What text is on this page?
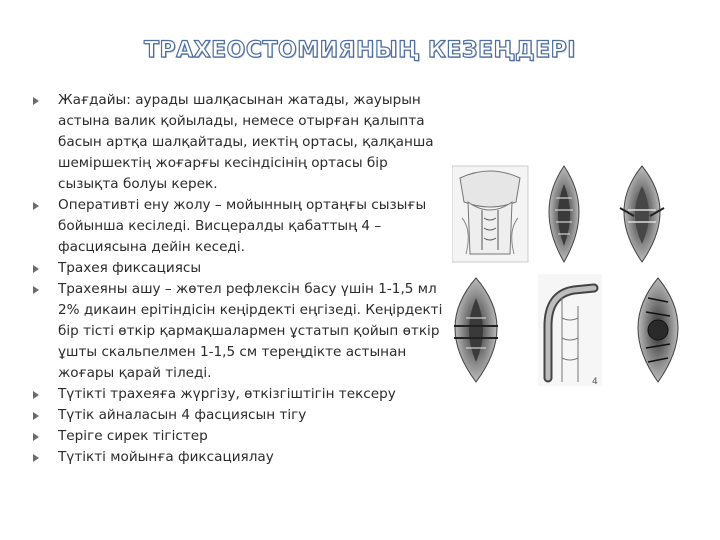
ТРАХЕОСТОМИЯНЫҢ КЕЗЕҢДЕРІ
Жағдайы: аурады шалқасынан жатады, жауырын астына валик қойылады, немесе отырған қалыпта басын артқа шалқайтады, иектің ортасы, қалқанша шеміршектің жоғарғы кесіндісінің ортасы бір сызықта болуы керек.
Оперативті ену жолу – мойынның ортаңғы сызығы бойынша кесіледі. Висцералды қабаттың 4 – фасциясына дейін кеседі.
Трахея фиксациясы
Трахеяны ашу – жөтел рефлексін басу үшін 1-1,5 мл 2% дикаин ерітіндісін кеңірдекті еңгізеді. Кеңірдекті бір тісті өткір қармақшалармен ұстатып қойып өткір ұшты скальпелмен 1-1,5 см тереңдікте астынан жоғары қарай тіледі.
Түтікті трахеяға жүргізу, өткізгіштігін тексеру
Түтік айналасын 4 фасциясын тігу
Теріге сирек тігістер
Түтікті мойынға фиксациялау
4
